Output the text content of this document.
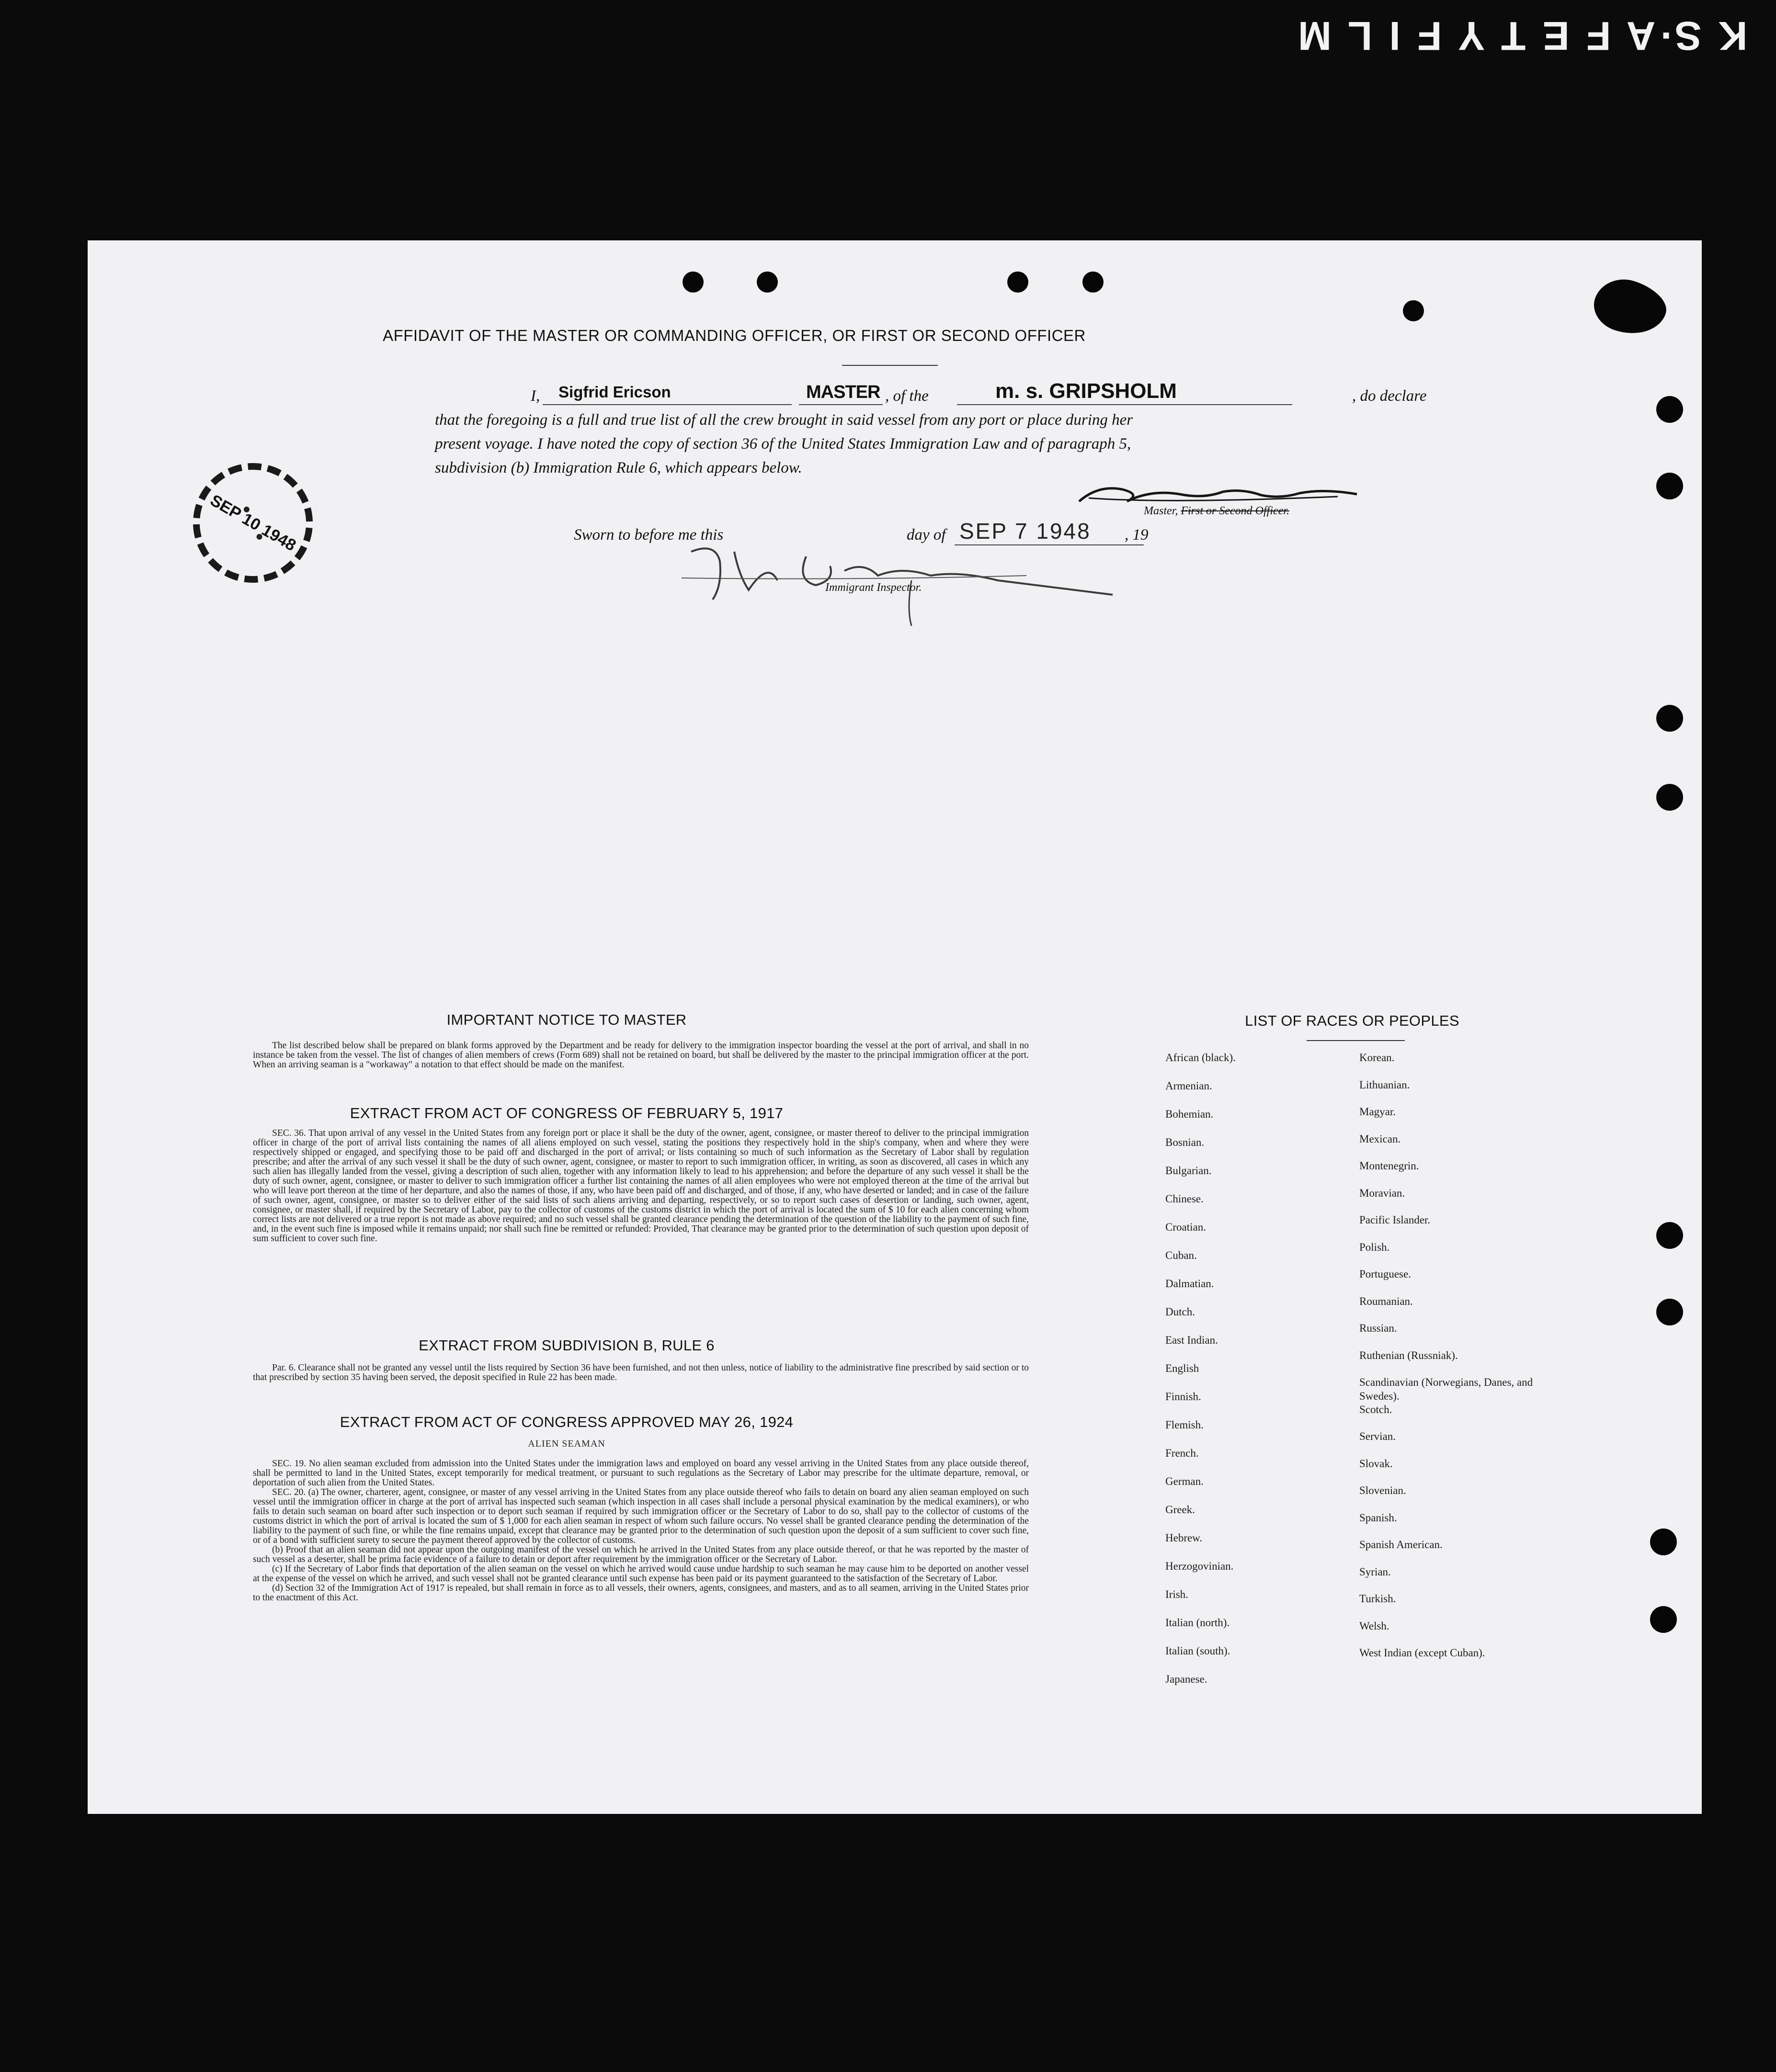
K S·A F E T Y F I L M
AFFIDAVIT OF THE MASTER OR COMMANDING OFFICER, OR FIRST OR SECOND OFFICER
I, Sigfrid Ericson	MASTER , of the	m. s. GRIPSHOLM	, do declare
that the foregoing is a full and true list of all the crew brought in said vessel from any port or place during her
present voyage. I have noted the copy of section 36 of the United States Immigration Law and of paragraph 5,
subdivision (b) Immigration Rule 6, which appears below.
Master, First or Second Officer.
Sworn to before me this	day of SEP 7 1948 , 19
Immigrant Inspector.
SEP 10 1948
IMPORTANT NOTICE TO MASTER

The list described below shall be prepared on blank forms approved by the Department and be ready for delivery to the immigration inspector boarding the vessel at the port of arrival, and shall in no instance be taken from the vessel. The list of changes of alien members of crews (Form 689) shall not be retained on board, but shall be delivered by the master to the principal immigration officer at the port. When an arriving seaman is a "workaway" a notation to that effect should be made on the manifest.

EXTRACT FROM ACT OF CONGRESS OF FEBRUARY 5, 1917

SEC. 36. That upon arrival of any vessel in the United States from any foreign port or place it shall be the duty of the owner, agent, consignee, or master thereof to deliver to the principal immigration officer in charge of the port of arrival lists containing the names of all aliens employed on such vessel, stating the positions they respectively hold in the ship's company, when and where they were respectively shipped or engaged, and specifying those to be paid off and discharged in the port of arrival; or lists containing so much of such information as the Secretary of Labor shall by regulation prescribe; and after the arrival of any such vessel it shall be the duty of such owner, agent, consignee, or master to report to such immigration officer, in writing, as soon as discovered, all cases in which any such alien has illegally landed from the vessel, giving a description of such alien, together with any information likely to lead to his apprehension; and before the departure of any such vessel it shall be the duty of such owner, agent, consignee, or master to deliver to such immigration officer a further list containing the names of all alien employees who were not employed thereon at the time of the arrival but who will leave port thereon at the time of her departure, and also the names of those, if any, who have been paid off and discharged, and of those, if any, who have deserted or landed; and in case of the failure of such owner, agent, consignee, or master so to deliver either of the said lists of such aliens arriving and departing, respectively, or so to report such cases of desertion or landing, such owner, agent, consignee, or master shall, if required by the Secretary of Labor, pay to the collector of customs of the customs district in which the port of arrival is located the sum of $ 10 for each alien concerning whom correct lists are not delivered or a true report is not made as above required; and no such vessel shall be granted clearance pending the determination of the question of the liability to the payment of such fine, and, in the event such fine is imposed while it remains unpaid; nor shall such fine be remitted or refunded: Provided, That clearance may be granted prior to the determination of such question upon deposit of sum sufficient to cover such fine.

EXTRACT FROM SUBDIVISION B, RULE 6

Par. 6. Clearance shall not be granted any vessel until the lists required by Section 36 have been furnished, and not then unless, notice of liability to the administrative fine prescribed by said section or to that prescribed by section 35 having been served, the deposit specified in Rule 22 has been made.

EXTRACT FROM ACT OF CONGRESS APPROVED MAY 26, 1924
ALIEN SEAMAN

SEC. 19. No alien seaman excluded from admission into the United States under the immigration laws and employed on board any vessel arriving in the United States from any place outside thereof, shall be permitted to land in the United States, except temporarily for medical treatment, or pursuant to such regulations as the Secretary of Labor may prescribe for the ultimate departure, removal, or deportation of such alien from the United States.

SEC. 20. (a) The owner, charterer, agent, consignee, or master of any vessel arriving in the United States from any place outside thereof who fails to detain on board any alien seaman employed on such vessel until the immigration officer in charge at the port of arrival has inspected such seaman (which inspection in all cases shall include a personal physical examination by the medical examiners), or who fails to detain such seaman on board after such inspection or to deport such seaman if required by such immigration officer or the Secretary of Labor to do so, shall pay to the collector of customs of the customs district in which the port of arrival is located the sum of $ 1,000 for each alien seaman in respect of whom such failure occurs. No vessel shall be granted clearance pending the determination of the liability to the payment of such fine, or while the fine remains unpaid, except that clearance may be granted prior to the determination of such question upon the deposit of a sum sufficient to cover such fine, or of a bond with sufficient surety to secure the payment thereof approved by the collector of customs.

(b) Proof that an alien seaman did not appear upon the outgoing manifest of the vessel on which he arrived in the United States from any place outside thereof, or that he was reported by the master of such vessel as a deserter, shall be prima facie evidence of a failure to detain or deport after requirement by the immigration officer or the Secretary of Labor.

(c) If the Secretary of Labor finds that deportation of the alien seaman on the vessel on which he arrived would cause undue hardship to such seaman he may cause him to be deported on another vessel at the expense of the vessel on which he arrived, and such vessel shall not be granted clearance until such expense has been paid or its payment guaranteed to the satisfaction of the Secretary of Labor.

(d) Section 32 of the Immigration Act of 1917 is repealed, but shall remain in force as to all vessels, their owners, agents, consignees, and masters, and as to all seamen, arriving in the United States prior to the enactment of this Act.

LIST OF RACES OR PEOPLES
African (black).
Armenian.
Bohemian.
Bosnian.
Bulgarian.
Chinese.
Croatian.
Cuban.
Dalmatian.
Dutch.
East Indian.
English
Finnish.
Flemish.
French.
German.
Greek.
Hebrew.
Herzogovinian.
Irish.
Italian (north).
Italian (south).
Japanese.
Korean.
Lithuanian.
Magyar.
Mexican.
Montenegrin.
Moravian.
Pacific Islander.
Polish.
Portuguese.
Roumanian.
Russian.
Ruthenian (Russniak).
Scandinavian (Norwegians, Danes, and Swedes).
Scotch.
Servian.
Slovak.
Slovenian.
Spanish.
Spanish American.
Syrian.
Turkish.
Welsh.
West Indian (except Cuban).
